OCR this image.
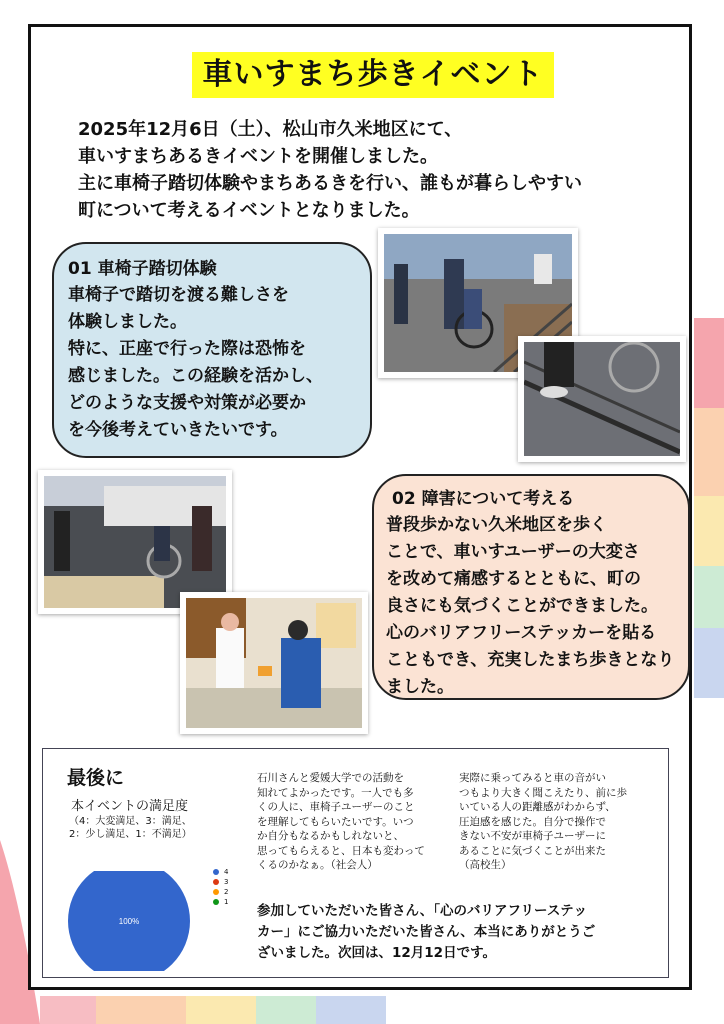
車いすまち歩きイベント
2025年12月6日（土）、松山市久米地区にて、
車いすまちあるきイベントを開催しました。
主に車椅子踏切体験やまちあるきを行い、誰もが暮らしやすい
町について考えるイベントとなりました。
01 車椅子踏切体験
車椅子で踏切を渡る難しさを
体験しました。
特に、正座で行った際は恐怖を
感じました。この経験を活かし、
どのような支援や対策が必要か
を今後考えていきたいです。
02 障害について考える
普段歩かない久米地区を歩く
ことで、車いすユーザーの大変さ
を改めて痛感するとともに、町の
良さにも気づくことができました。
心のバリアフリーステッカーを貼る
こともでき、充実したまち歩きとなり
ました。
最後に
本イベントの満足度
（4：大変満足、3：満足、
2：少し満足、1：不満足）
100%
4
3
2
1
石川さんと愛媛大学での活動を
知れてよかったです。一人でも多
くの人に、車椅子ユーザーのこと
を理解してもらいたいです。いつ
か自分もなるかもしれないと、
思ってもらえると、日本も変わって
くるのかなぁ。（社会人）
実際に乗ってみると車の音がい
つもより大きく聞こえたり、前に歩
いている人の距離感がわからず、
圧迫感を感じた。自分で操作で
きない不安が車椅子ユーザーに
あることに気づくことが出来た
（高校生）
参加していただいた皆さん、「心のバリアフリーステッ
カー」にご協力いただいた皆さん、本当にありがとうご
ざいました。次回は、12月12日です。
